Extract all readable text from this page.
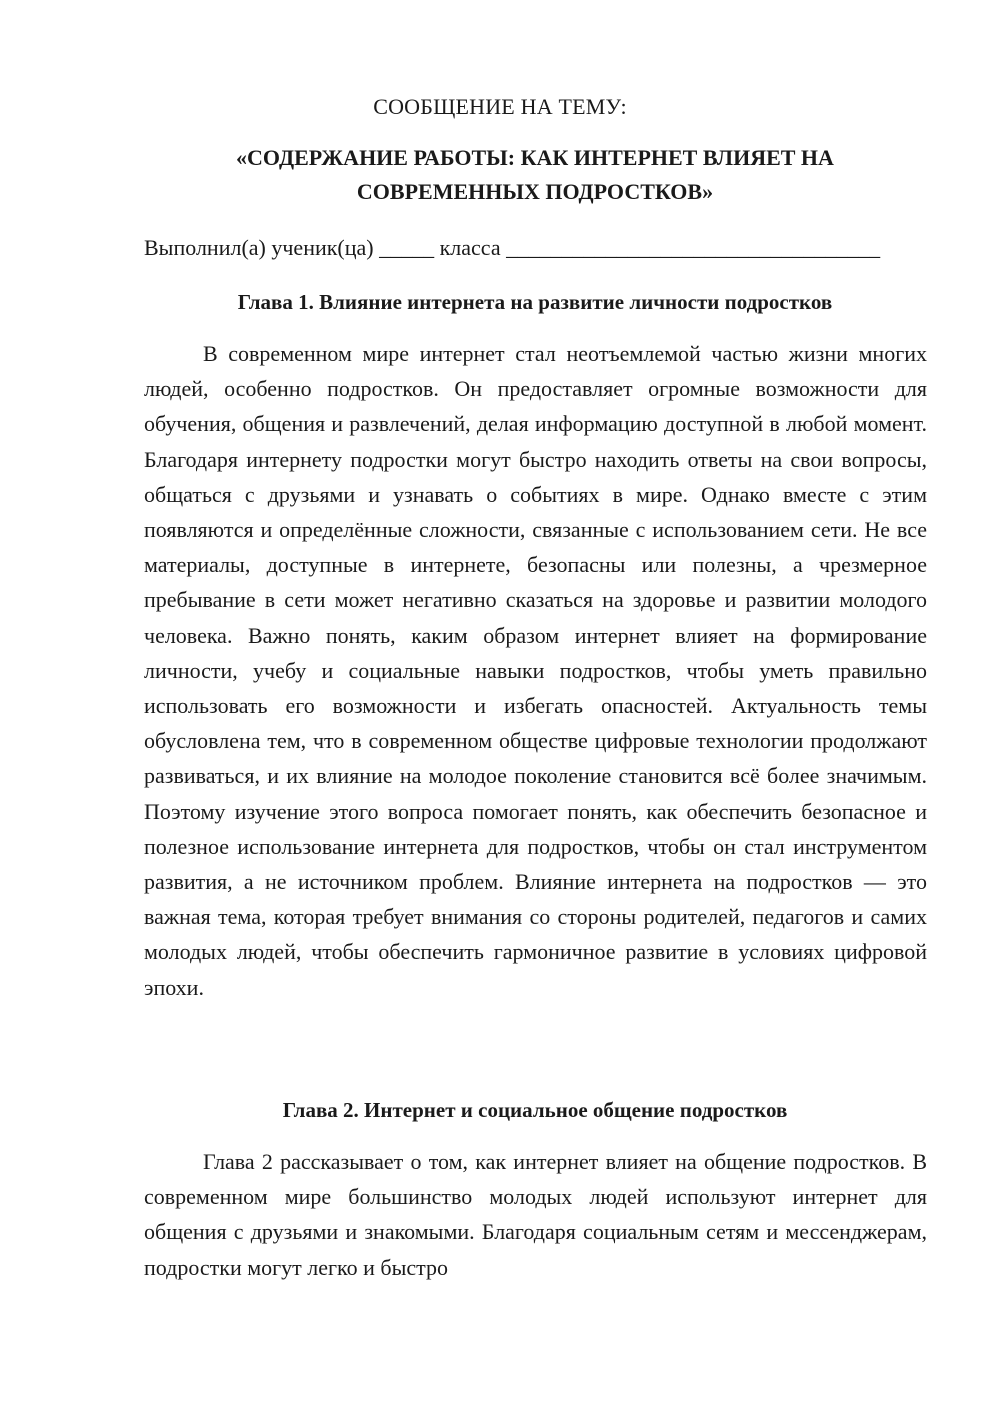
СООБЩЕНИЕ НА ТЕМУ:
«СОДЕРЖАНИЕ РАБОТЫ: КАК ИНТЕРНЕТ ВЛИЯЕТ НА СОВРЕМЕННЫХ ПОДРОСТКОВ»
Выполнил(а) ученик(ца) _____ класса __________________________________
Глава 1. Влияние интернета на развитие личности подростков

В современном мире интернет стал неотъемлемой частью жизни многих людей, особенно подростков. Он предоставляет огромные возможности для обучения, общения и развлечений, делая информацию доступной в любой момент. Благодаря интернету подростки могут быстро находить ответы на свои вопросы, общаться с друзьями и узнавать о событиях в мире. Однако вместе с этим появляются и определённые сложности, связанные с использованием сети. Не все материалы, доступные в интернете, безопасны или полезны, а чрезмерное пребывание в сети может негативно сказаться на здоровье и развитии молодого человека. Важно понять, каким образом интернет влияет на формирование личности, учебу и социальные навыки подростков, чтобы уметь правильно использовать его возможности и избегать опасностей. Актуальность темы обусловлена тем, что в современном обществе цифровые технологии продолжают развиваться, и их влияние на молодое поколение становится всё более значимым. Поэтому изучение этого вопроса помогает понять, как обеспечить безопасное и полезное использование интернета для подростков, чтобы он стал инструментом развития, а не источником проблем. Влияние интернета на подростков — это важная тема, которая требует внимания со стороны родителей, педагогов и самих молодых людей, чтобы обеспечить гармоничное развитие в условиях цифровой эпохи.

Глава 2. Интернет и социальное общение подростков

Глава 2 рассказывает о том, как интернет влияет на общение подростков. В современном мире большинство молодых людей используют интернет для общения с друзьями и знакомыми. Благодаря социальным сетям и мессенджерам, подростки могут легко и быстро
